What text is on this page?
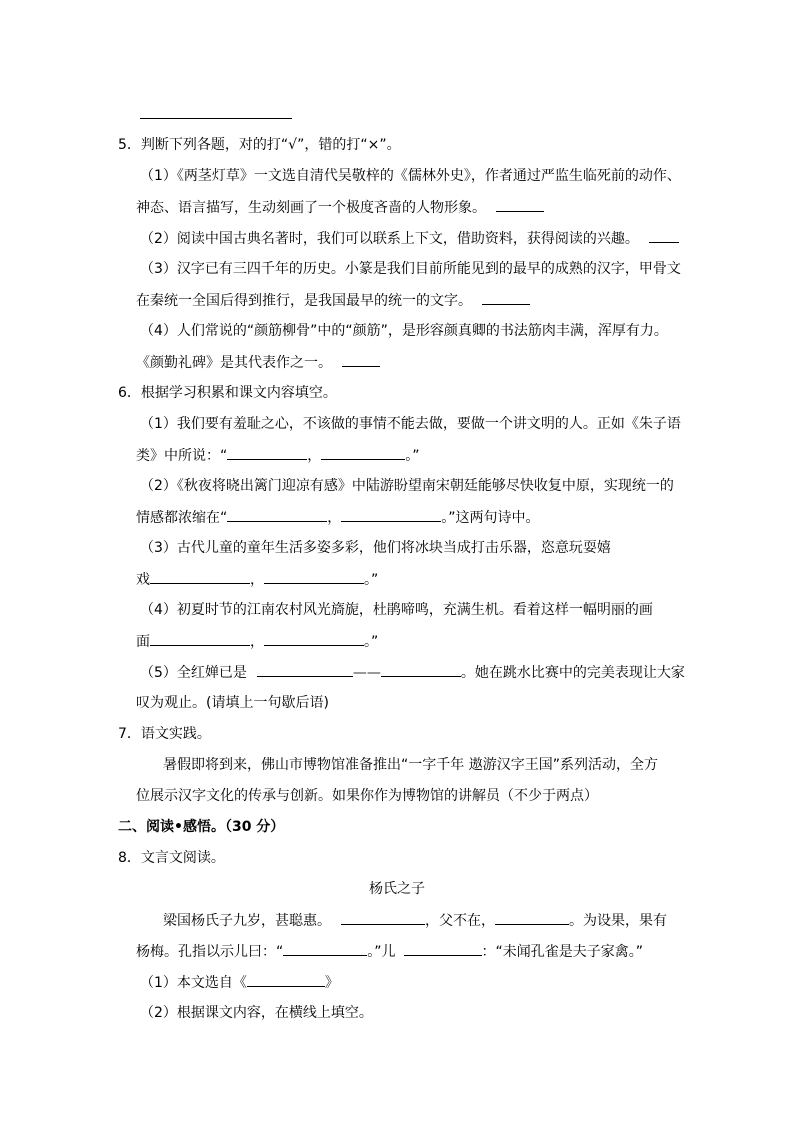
5．判断下列各题，对的打“√”，错的打“×”。
（1）《两茎灯草》一文选自清代吴敬梓的《儒林外史》，作者通过严监生临死前的动作、
神态、语言描写，生动刻画了一个极度吝啬的人物形象。
（2）阅读中国古典名著时，我们可以联系上下文，借助资料，获得阅读的兴趣。
（3）汉字已有三四千年的历史。小篆是我们目前所能见到的最早的成熟的汉字，甲骨文
在秦统一全国后得到推行，是我国最早的统一的文字。
（4）人们常说的“颜筋柳骨”中的“颜筋”，是形容颜真卿的书法筋肉丰满，浑厚有力。
《颜勤礼碑》是其代表作之一。
6．根据学习积累和课文内容填空。
（1）我们要有羞耻之心，不该做的事情不能去做，要做一个讲文明的人。正如《朱子语
类》中所说：“	，	。”
（2）《秋夜将晓出篱门迎凉有感》中陆游盼望南宋朝廷能够尽快收复中原，实现统一的
情感都浓缩在“	，	。”这两句诗中。
（3）古代儿童的童年生活多姿多彩，他们将冰块当成打击乐器，恣意玩耍嬉
戏	，	。”
（4）初夏时节的江南农村风光旖旎，杜鹃啼鸣，充满生机。看着这样一幅明丽的画
面	，	。”
（5）全红婵已是	——	。她在跳水比赛中的完美表现让大家
叹为观止。(请填上一句歇后语)
7．语文实践。
暑假即将到来，佛山市博物馆准备推出“一字千年 遨游汉字王国”系列活动，全方
位展示汉字文化的传承与创新。如果你作为博物馆的讲解员（不少于两点）
二、阅读•感悟。（30 分）
8．文言文阅读。
杨氏之子
梁国杨氏子九岁，甚聪惠。	，父不在，	。为设果，果有
杨梅。孔指以示儿曰：“	。”儿	：“未闻孔雀是夫子家禽。”
（1）本文选自《	》
（2）根据课文内容，在横线上填空。
